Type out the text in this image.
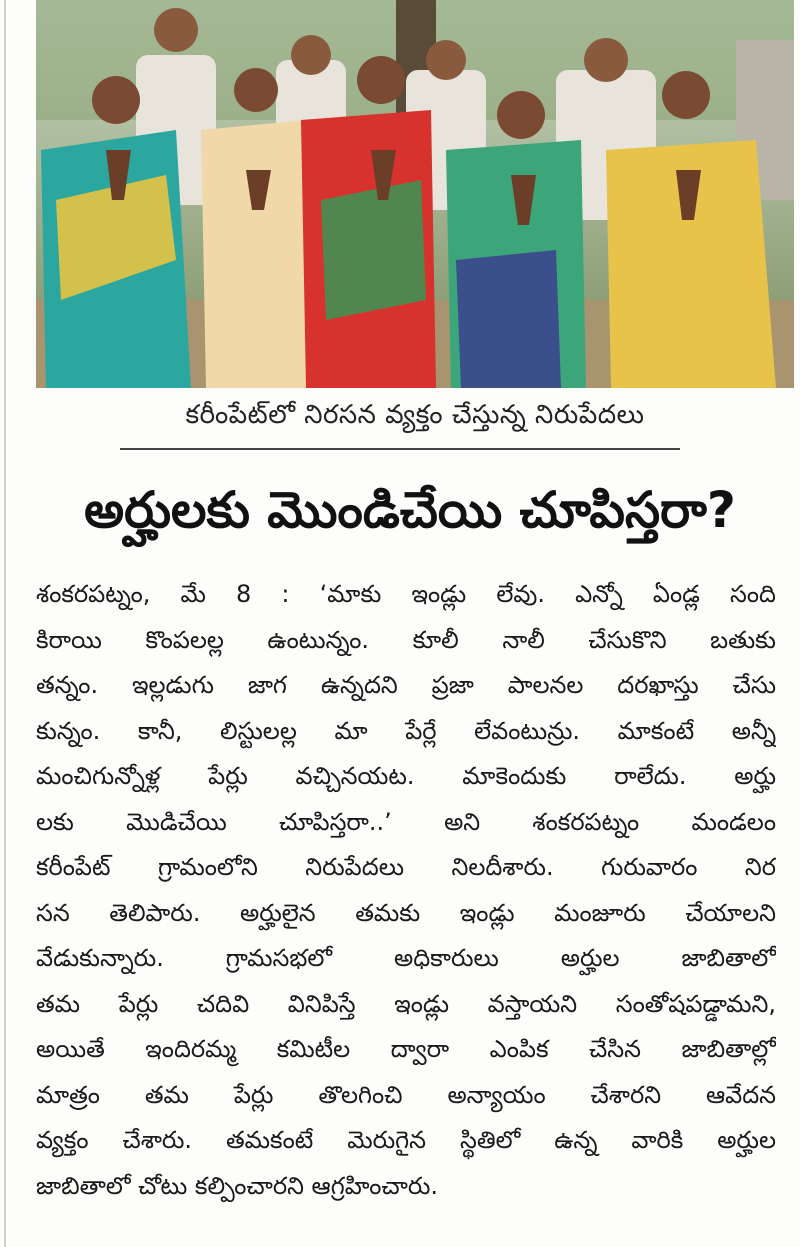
కరీంపేట్‌లో నిరసన వ్యక్తం చేస్తున్న నిరుపేదలు
అర్హులకు మొండిచేయి చూపిస్తరా?
శంకరపట్నం, మే 8 : ‘మాకు ఇండ్లు లేవు. ఎన్నో ఏండ్ల సంది
కిరాయి కొంపలల్ల ఉంటున్నం. కూలీ నాలీ చేసుకొని బతుకు
తన్నం. ఇల్లడుగు జాగ ఉన్నదని ప్రజా పాలనల దరఖాస్తు చేసు
కున్నం. కానీ, లిస్టులల్ల మా పేర్లే లేవంటున్రు. మాకంటే అన్నీ
మంచిగున్నోళ్ల పేర్లు వచ్చినయట. మాకెందుకు రాలేదు. అర్హు
లకు మొడిచేయి చూపిస్తరా..’ అని శంకరపట్నం మండలం
కరీంపేట్ గ్రామంలోని నిరుపేదలు నిలదీశారు. గురువారం నిర
సన తెలిపారు. అర్హులైన తమకు ఇండ్లు మంజూరు చేయాలని
వేడుకున్నారు. గ్రామసభలో అధికారులు అర్హుల జాబితాలో
తమ పేర్లు చదివి వినిపిస్తే ఇండ్లు వస్తాయని సంతోషపడ్డామని,
అయితే ఇందిరమ్మ కమిటీల ద్వారా ఎంపిక చేసిన జాబితాల్లో
మాత్రం తమ పేర్లు తొలగించి అన్యాయం చేశారని ఆవేదన
వ్యక్తం చేశారు. తమకంటే మెరుగైన స్థితిలో ఉన్న వారికి అర్హుల
జాబితాలో చోటు కల్పించారని ఆగ్రహించారు.
